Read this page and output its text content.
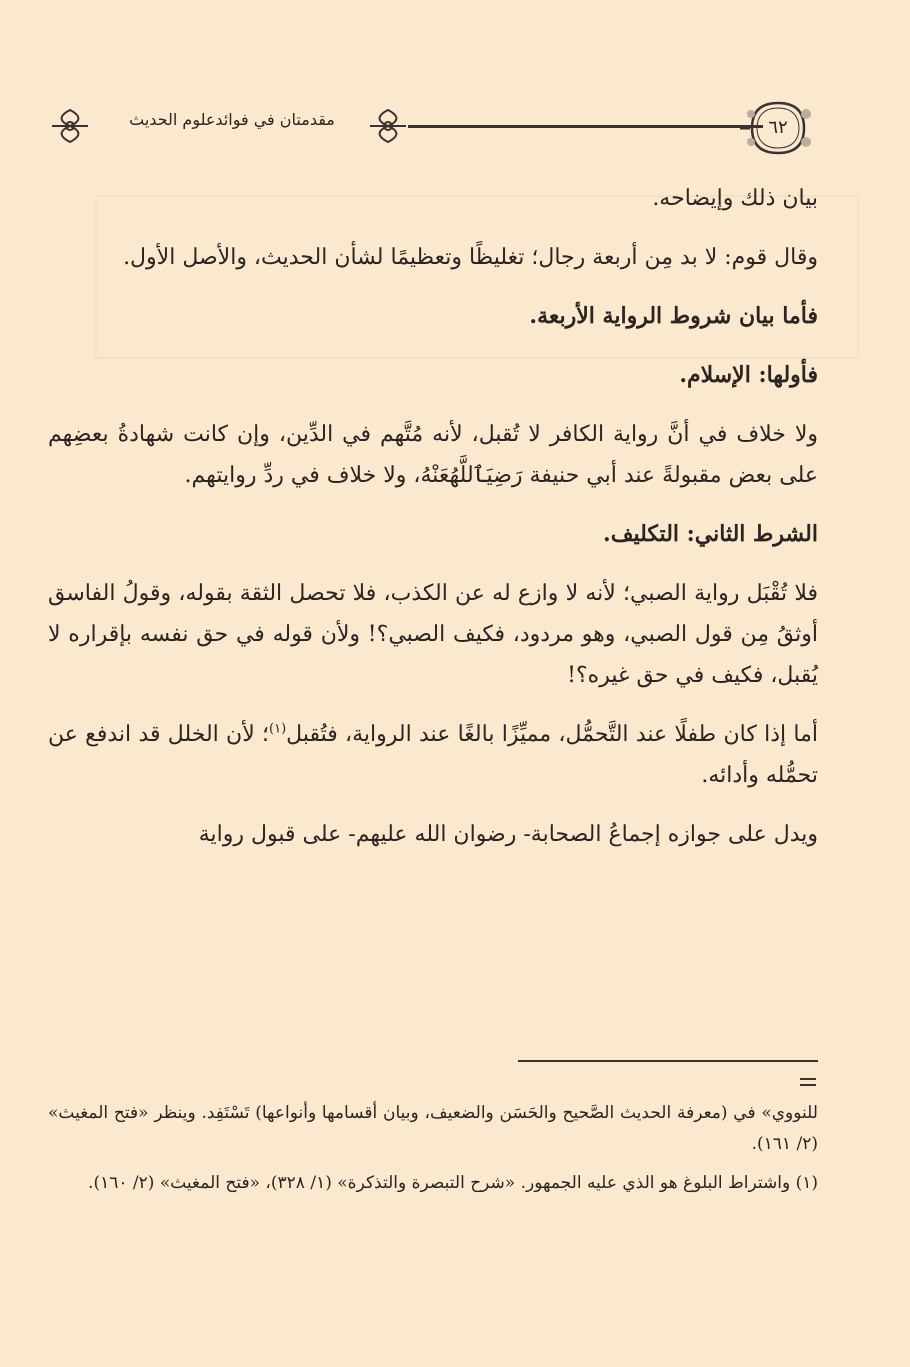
مقدمتان في فوائدعلوم الحديث	٦٢

بيان ذلك وإيضاحه.

وقال قوم: لا بد مِن أربعة رجال؛ تغليظًا وتعظيمًا لشأن الحديث، والأصل الأول.

فأما بيان شروط الرواية الأربعة.

فأولها: الإسلام.

ولا خلاف في أنَّ رواية الكافر لا تُقبل، لأنه مُتَّهم في الدِّين، وإن كانت شهادةُ بعضِهم على بعض مقبولةً عند أبي حنيفة رَضِيَٱللَّهُعَنْهُ، ولا خلاف في ردِّ روايتهم.

الشرط الثاني: التكليف.

فلا تُقْبَل رواية الصبي؛ لأنه لا وازع له عن الكذب، فلا تحصل الثقة بقوله، وقولُ الفاسق أوثقُ مِن قول الصبي، وهو مردود، فكيف الصبي؟! ولأن قوله في حق نفسه بإقراره لا يُقبل، فكيف في حق غيره؟!

أما إذا كان طفلًا عند التَّحمُّل، مميِّزًا بالغًا عند الرواية، فتُقبل$^{(١)}$؛ لأن الخلل قد اندفع عن تحمُّله وأدائه.

ويدل على جوازه إجماعُ الصحابة- رضوان الله عليهم- على قبول رواية

للنووي» في (معرفة الحديث الصَّحيح والحَسَن والضعيف، وبيان أقسامها وأنواعها) تَسْتَفِد. وينظر «فتح المغيث» (٢/ ١٦١).

(١) واشتراط البلوغ هو الذي عليه الجمهور. «شرح التبصرة والتذكرة» (١/ ٣٢٨)، «فتح المغيث» (٢/ ١٦٠).
